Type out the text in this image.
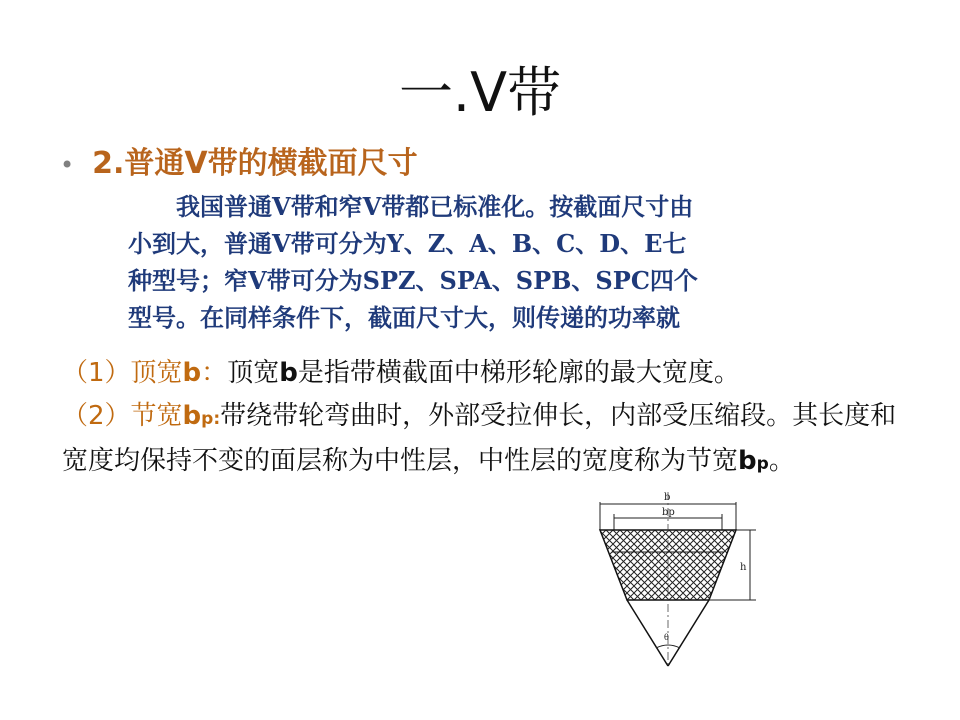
一.V带
• 2.普通V带的横截面尺寸
我国普通V带和窄V带都已标准化。按截面尺寸由
小到大，普通V带可分为Y、Z、A、B、C、D、E七
种型号；窄V带可分为SPZ、SPA、SPB、SPC四个
型号。在同样条件下，截面尺寸大，则传递的功率就
（1）顶宽b：顶宽b是指带横截面中梯形轮廓的最大宽度。
（2）节宽bp:带绕带轮弯曲时，外部受拉伸长，内部受压缩段。其长度和宽度均保持不变的面层称为中性层，中性层的宽度称为节宽bp。
b
bp
h
θ
